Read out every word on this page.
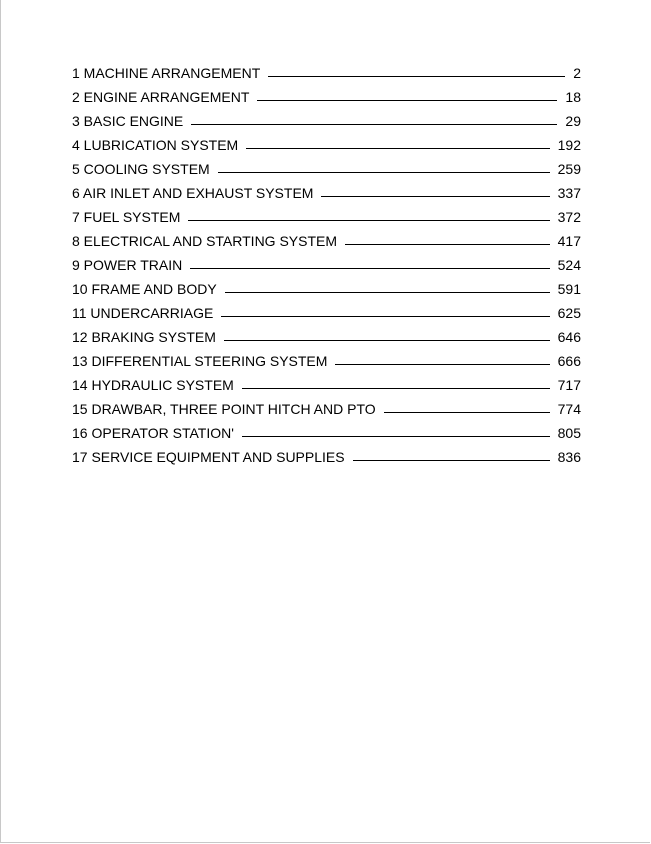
1 MACHINE ARRANGEMENT	2
2 ENGINE ARRANGEMENT	18
3 BASIC ENGINE	29
4 LUBRICATION SYSTEM	192
5 COOLING SYSTEM	259
6 AIR INLET AND EXHAUST SYSTEM	337
7 FUEL SYSTEM	372
8 ELECTRICAL AND STARTING SYSTEM	417
9 POWER TRAIN	524
10 FRAME AND BODY	591
11 UNDERCARRIAGE	625
12 BRAKING SYSTEM	646
13 DIFFERENTIAL STEERING SYSTEM	666
14 HYDRAULIC SYSTEM	717
15 DRAWBAR, THREE POINT HITCH AND PTO	774
16 OPERATOR STATION'	805
17 SERVICE EQUIPMENT AND SUPPLIES	836
